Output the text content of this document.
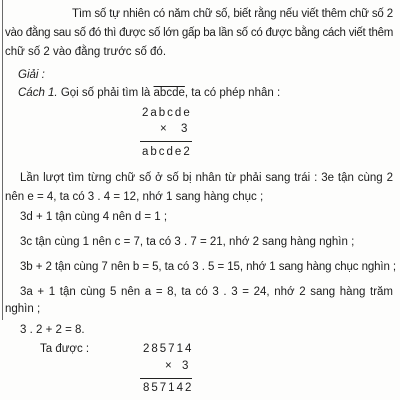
Tìm số tự nhiên có năm chữ số, biết rằng nếu viết thêm chữ số 2
vào đằng sau số đó thì được số lớn gấp ba lần số có được bằng cách viết thêm
chữ số 2 vào đằng trước số đó.
Giải :
Cách 1. Gọi số phải tìm là abcde, ta có phép nhân :
2abcde
× 3
abcde2
Lần lượt tìm từng chữ số ở số bị nhân từ phải sang trái : 3e tận cùng 2
nên e = 4, ta có 3 . 4 = 12, nhớ 1 sang hàng chục ;
3d + 1 tận cùng 4 nên d = 1 ;
3c tận cùng 1 nên c = 7, ta có 3 . 7 = 21, nhớ 2 sang hàng nghìn ;
3b + 2 tận cùng 7 nên b = 5, ta có 3 . 5 = 15, nhớ 1 sang hàng chục nghìn ;
3a + 1 tận cùng 5 nên a = 8, ta có 3 . 3 = 24, nhớ 2 sang hàng trăm
nghìn ;
3 . 2 + 2 = 8.
Ta được :	285714
× 3
857142
